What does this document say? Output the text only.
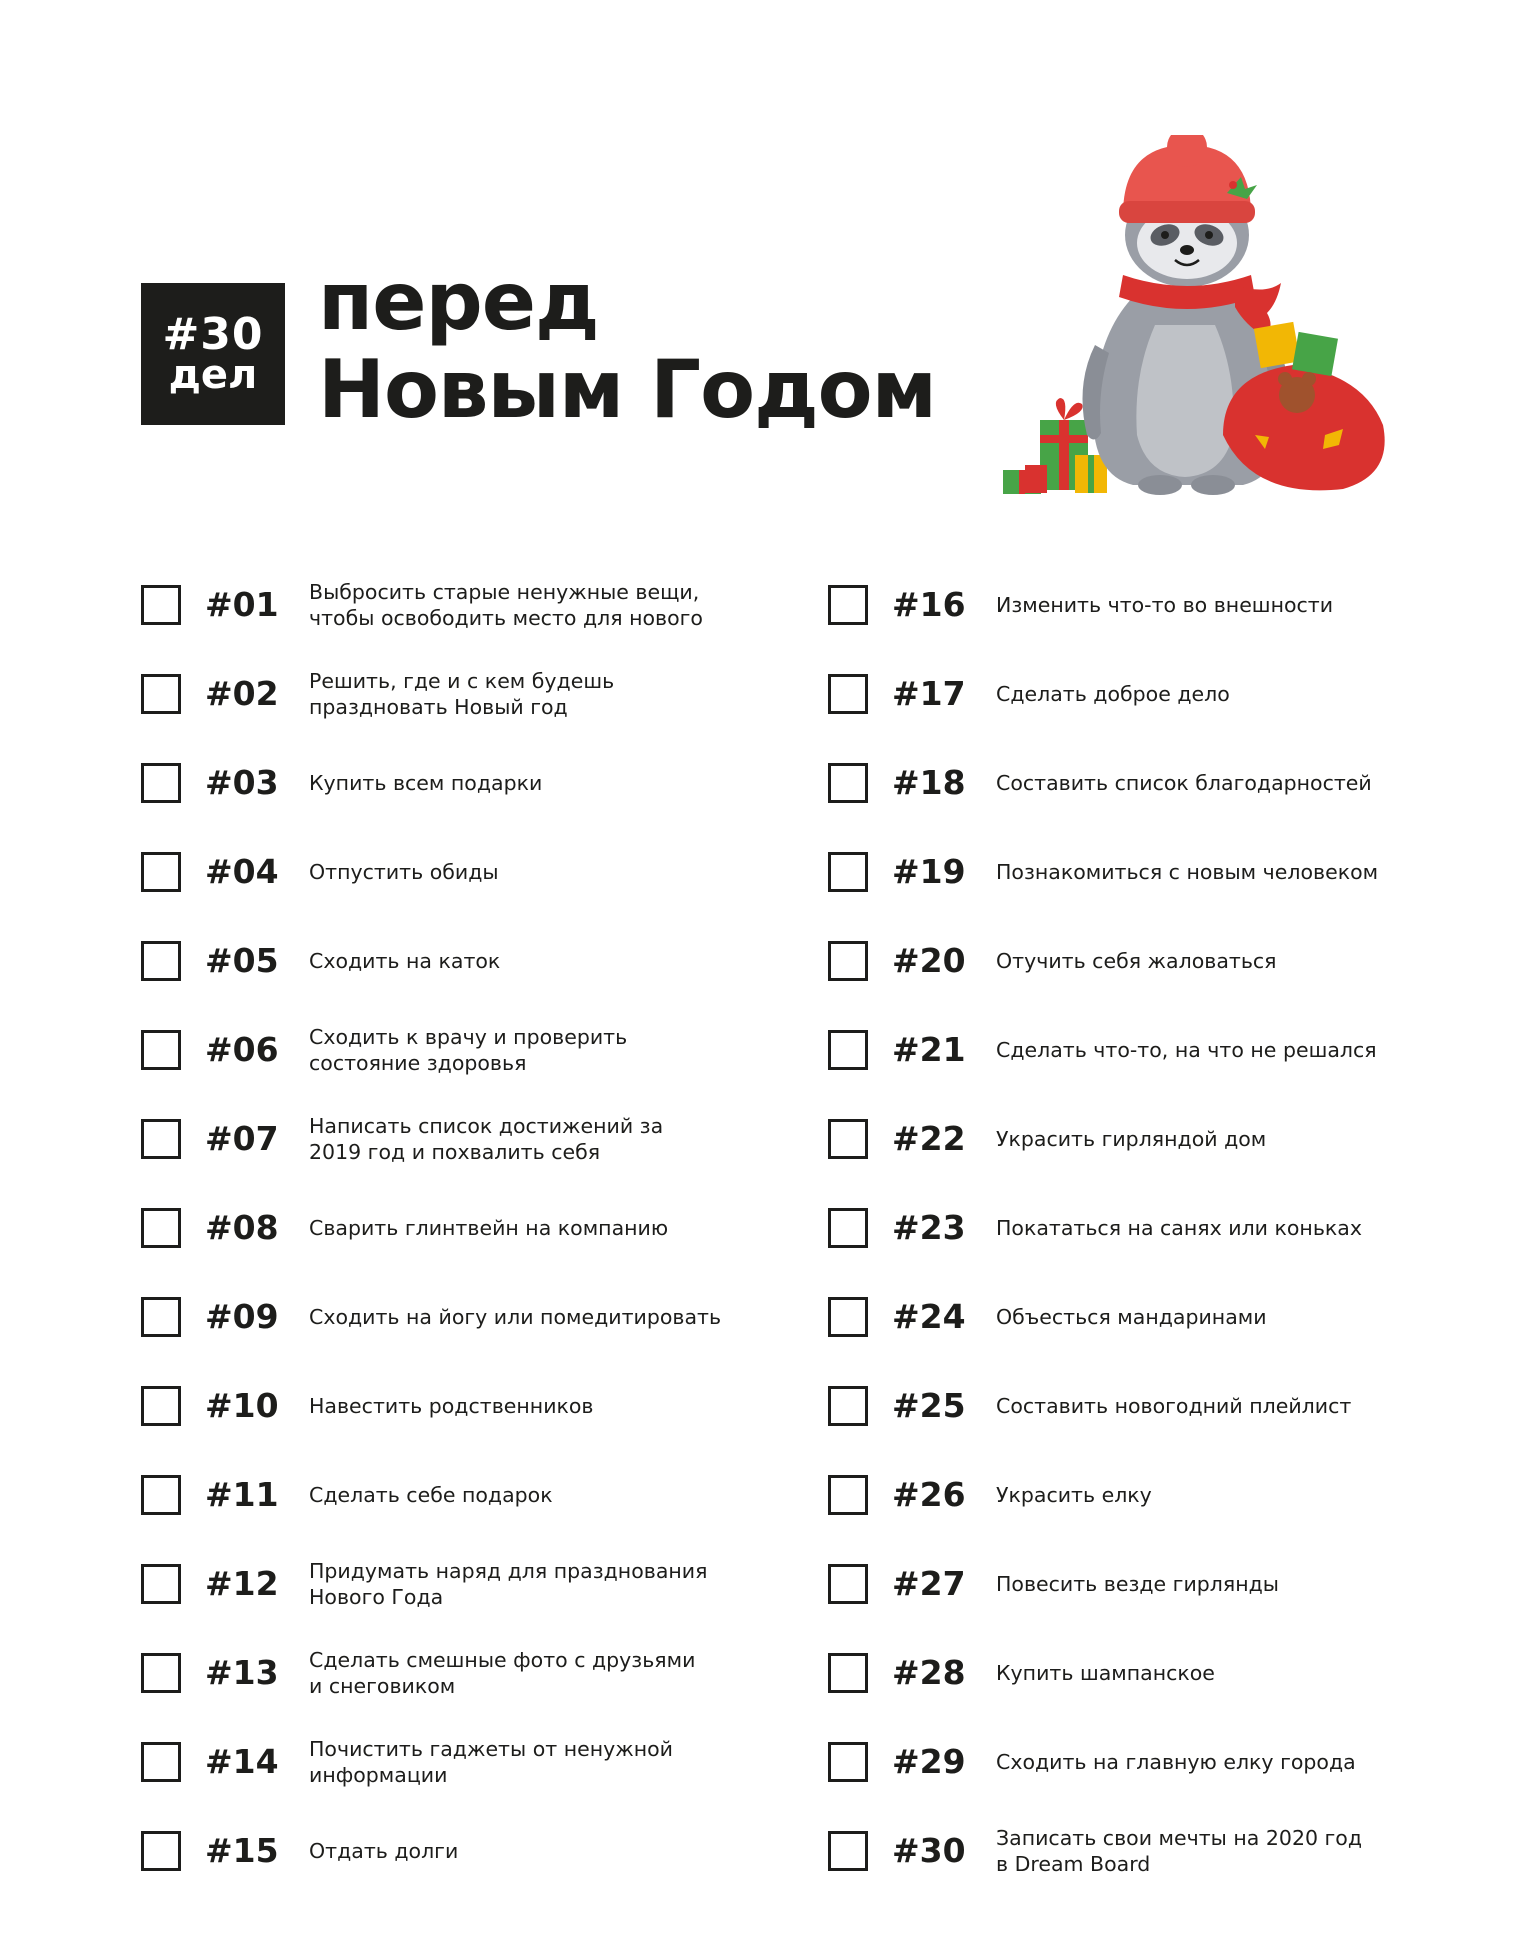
#30
дел
перед
Новым Годом
#01	Выбросить старые ненужные вещи,
чтобы освободить место для нового
#02	Решить, где и с кем будешь
праздновать Новый год
#03	Купить всем подарки
#04	Отпустить обиды
#05	Сходить на каток
#06	Сходить к врачу и проверить
состояние здоровья
#07	Написать список достижений за
2019 год и похвалить себя
#08	Сварить глинтвейн на компанию
#09	Сходить на йогу или помедитировать
#10	Навестить родственников
#11	Сделать себе подарок
#12	Придумать наряд для празднования
Нового Года
#13	Сделать смешные фото с друзьями
и снеговиком
#14	Почистить гаджеты от ненужной
информации
#15	Отдать долги
#16	Изменить что-то во внешности
#17	Сделать доброе дело
#18	Составить список благодарностей
#19	Познакомиться с новым человеком
#20	Отучить себя жаловаться
#21	Сделать что-то, на что не решался
#22	Украсить гирляндой дом
#23	Покататься на санях или коньках
#24	Объесться мандаринами
#25	Составить новогодний плейлист
#26	Украсить елку
#27	Повесить везде гирлянды
#28	Купить шампанское
#29	Сходить на главную елку города
#30	Записать свои мечты на 2020 год
в Dream Board
